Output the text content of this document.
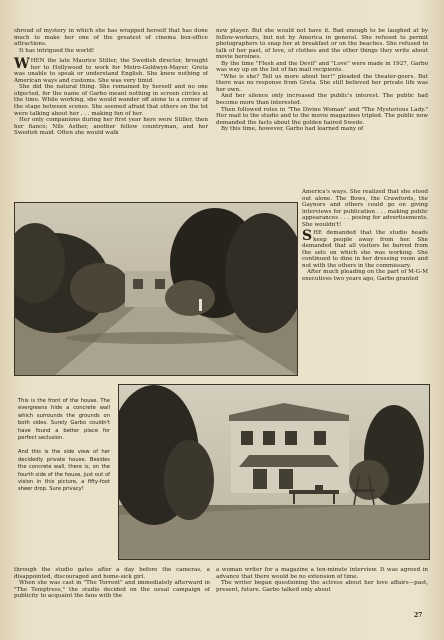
shroud of mystery in which she has wrapped herself that has done much to make her one of the greatest of cinema box-office attractions.

It has intrigued the world!

WHEN the late Maurice Stiller, the Swedish director, brought her to Hollywood to work for Metro-Goldwyn-Mayer, Greta was unable to speak or understand English. She knew nothing of American ways and customs. She was very timid.

She did the natural thing. She remained by herself and no one objected, for the name of Garbo meant nothing in screen circles at the time. While working, she would wander off alone to a corner of the stage between scenes. She seemed afraid that others on the lot were talking about her . . . making fun of her.

Her only companions during her first year here were Stiller, then her fiancé; Nils Asther, another fellow countryman, and her Swedish maid. Often she would walk

new player. But she would not have it. Bad enough to be laughed at by fellow-workers, but not by America in general. She refused to permit photographers to snap her at breakfast or on the beaches. She refused to talk of her past, of love, of clothes and the other things they write about movie heroines.

By the time "Flesh and the Devil" and "Love" were made in 1927, Garbo was way up on the list of fan mail recipients.

"Who is she? Tell us more about her!" pleaded the theater-goers. But there was no response from Greta. She still believed her private life was her own.

And her silence only increased the public's interest. The public had become more than interested.

Then followed roles in "The Divine Woman" and "The Mysterious Lady." Her mail to the studio and to the movie magazines tripled. The public now demanded the facts about the golden haired Swede.

By this time, however, Garbo had learned many of

America's ways. She realized that she stood out alone. The Bows, the Crawfords, the Gaynors and others could go on giving interviews for publication . . . making public appearances . . . posing for advertisements. She wouldn't!

SHE demanded that the studio heads keep people away from her. She demanded that all visitors be barred from the sets on which she was working. She continued to dine in her dressing room and not with the others in the commissary.

After much pleading on the part of M-G-M executives two years ago, Garbo granted

This is the front of the house. The evergreens hide a concrete wall which surrounds the grounds on both sides. Surely Garbo couldn't have found a better place for perfect seclusion.

And this is the side view of her decidedly private house. Besides the concrete wall, there is, on the fourth side of the house, just out of vision in this picture, a fifty-foot sheer drop. Sure privacy!

through the studio gates after a day before the cameras, a disappointed, discouraged and home-sick girl.

When she was cast in "The Torrent" and immediately afterward in "The Temptress," the studio decided on the usual campaign of publicity to acquaint the fans with the

a woman writer for a magazine a ten-minute interview. It was agreed in advance that there would be no extension of time.

The writer began questioning the actress about her love affairs—past, present, future. Garbo talked only about

27
